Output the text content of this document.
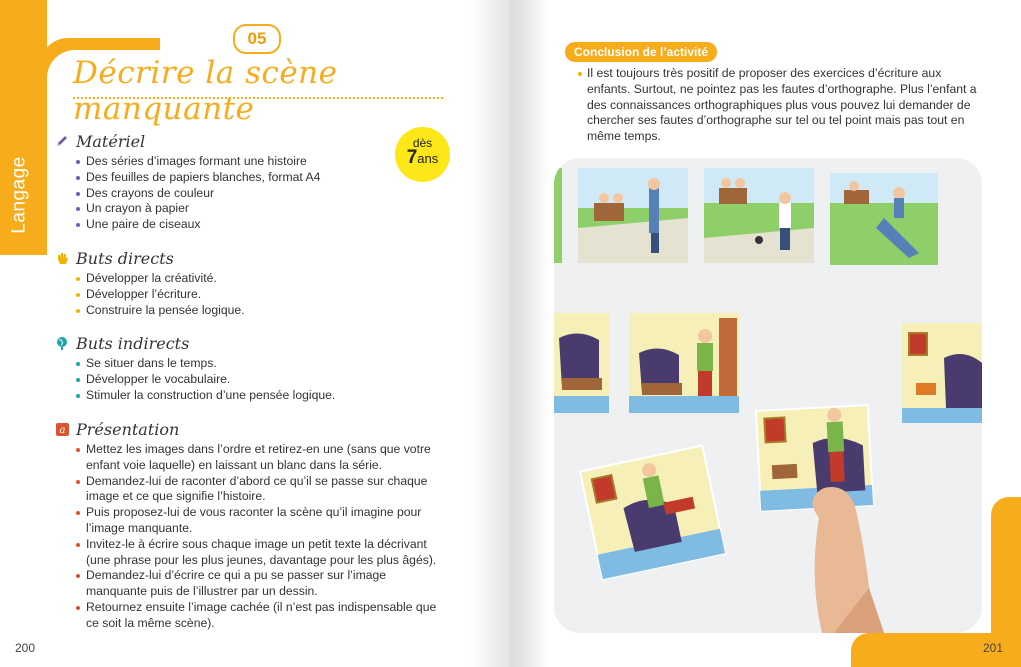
Langage
05
Décrire la scène manquante
dès
7ans
Matériel
Des séries d’images formant une histoire
Des feuilles de papiers blanches, format A4
Des crayons de couleur
Un crayon à papier
Une paire de ciseaux
Buts directs
Développer la créativité.
Développer l’écriture.
Construire la pensée logique.
Buts indirects
Se situer dans le temps.
Développer le vocabulaire.
Stimuler la construction d’une pensée logique.
a Présentation
Mettez les images dans l’ordre et retirez-en une (sans que votre enfant voie laquelle) en laissant un blanc dans la série.
Demandez-lui de raconter d’abord ce qu’il se passe sur chaque image et ce que signifie l’histoire.
Puis proposez-lui de vous raconter la scène qu’il imagine pour l’image manquante.
Invitez-le à écrire sous chaque image un petit texte la décrivant (une phrase pour les plus jeunes, davantage pour les plus âgés).
Demandez-lui d’écrire ce qui a pu se passer sur l’image manquante puis de l’illustrer par un dessin.
Retournez ensuite l’image cachée (il n’est pas indispensable que ce soit la même scène).
200
Conclusion de l’activité
Il est toujours très positif de proposer des exercices d’écriture aux enfants. Surtout, ne pointez pas les fautes d’orthographe. Plus l’enfant a des connaissances orthographiques plus vous pouvez lui demander de chercher ses fautes d’orthographe sur tel ou tel point mais pas tout en même temps.
201
